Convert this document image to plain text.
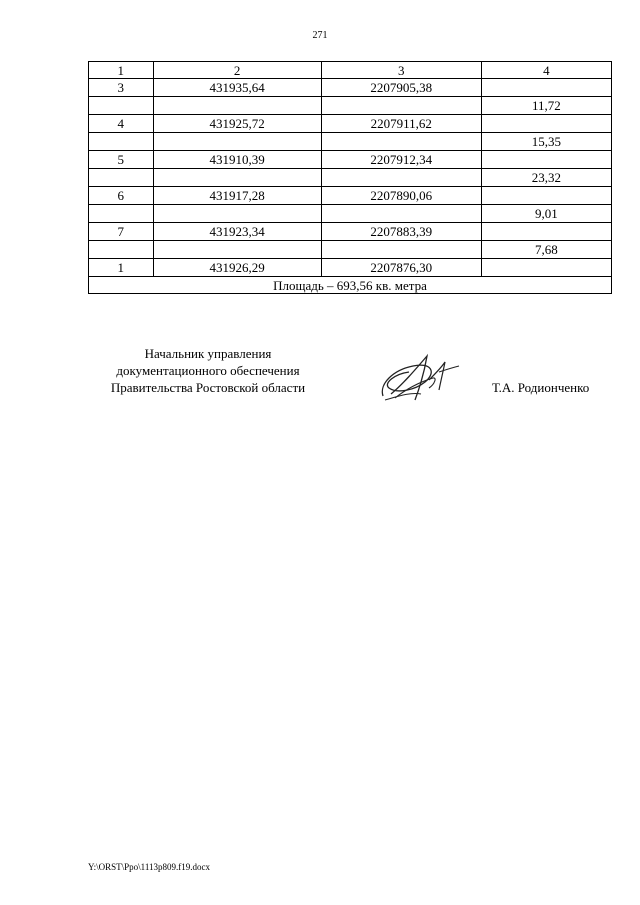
271
1	2	3	4
3	431935,64	2207905,38	
			11,72
4	431925,72	2207911,62	
			15,35
5	431910,39	2207912,34	
			23,32
6	431917,28	2207890,06	
			9,01
7	431923,34	2207883,39	
			7,68
1	431926,29	2207876,30	
Площадь – 693,56 кв. метра			
Начальник управления
документационного обеспечения
Правительства Ростовской области	Т.А. Родионченко
Y:\ORST\Ppo\1113p809.f19.docx
